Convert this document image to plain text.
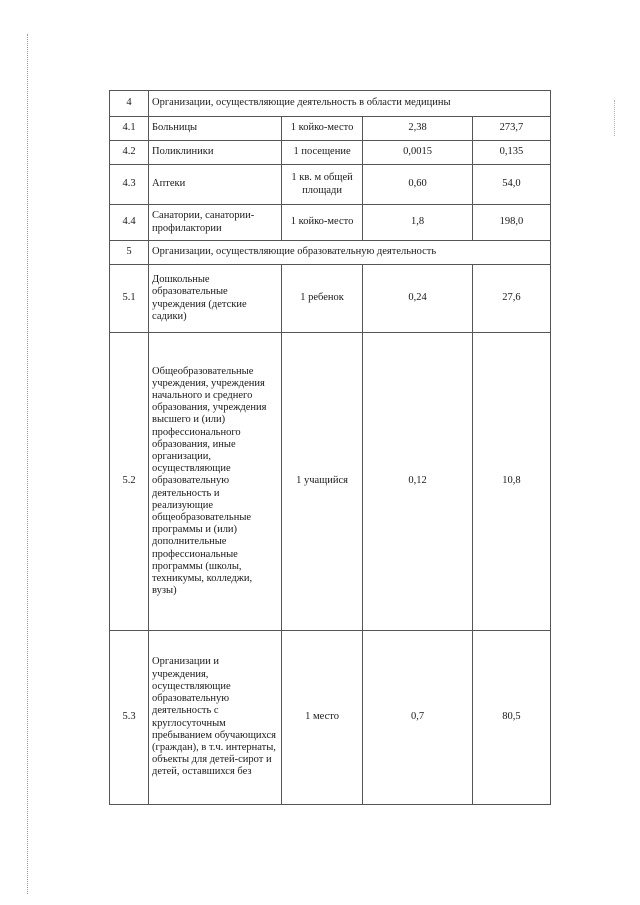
4	Организации, осуществляющие деятельность в области медицины			
4.1	Больницы	1 койко-место	2,38	273,7
4.2	Поликлиники	1 посещение	0,0015	0,135
4.3	Аптеки	1 кв. м общей площади	0,60	54,0
4.4	Санатории, санатории-профилактории	1 койко-место	1,8	198,0
5	Организации, осуществляющие образовательную деятельность			
5.1	Дошкольные образовательные учреждения (детские садики)	1 ребенок	0,24	27,6
5.2	Общеобразовательные учреждения, учреждения начального и среднего образования, учреждения высшего и (или) профессионального образования, иные организации, осуществляющие образовательную деятельность и реализующие общеобразовательные программы и (или) дополнительные профессиональные программы (школы, техникумы, колледжи, вузы)	1 учащийся	0,12	10,8
5.3	Организации и учреждения, осуществляющие образовательную деятельность с круглосуточным пребыванием обучающихся (граждан), в т.ч. интернаты, объекты для детей-сирот и детей, оставшихся без	1 место	0,7	80,5
